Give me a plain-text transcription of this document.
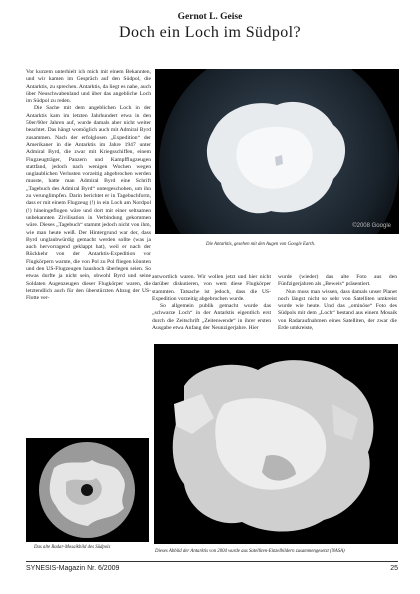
Gernot L. Geise
Doch ein Loch im Südpol?

Vor kurzem unterhielt ich mich mit einem Bekannten, und wir kamen im Gespräch auf den Südpol, die Antarktis, zu sprechen. Antarktis, da liegt es nahe, auch über Neuschwabenland und über das angebliche Loch im Südpol zu reden.

Die Sache mit dem angeblichen Loch in der Antarktis kam im letzten Jahrhundert etwa in den 50er/60er Jahren auf, wurde damals aber nicht weiter beachtet. Das hängt womöglich auch mit Admiral Byrd zusammen. Nach der erfolglosen „Expedition“ der Amerikaner in die Antarktis im Jahre 1947 unter Admiral Byrd, die zwar mit Kriegsschiffen, einem Flugzeugträger, Panzern und Kampfflugzeugen stattfand, jedoch nach wenigen Wochen wegen unglaublichen Verlusten vorzeitig abgebrochen werden musste, hatte man Admiral Byrd eine Schrift „Tagebuch des Admiral Byrd“ untergeschoben, um ihn zu verunglimpfen. Darin berichtet er in Tagebuchform, dass er mit einem Flugzeug (!) in ein Loch am Nordpol (!) hineingeflogen wäre und dort mit einer seltsamen unbekannten Zivilisation in Verbindung gekommen wäre. Dieses „Tagebuch“ stammt jedoch nicht von ihm, wie man heute weiß. Der Hintergrund war der, dass Byrd unglaubwürdig gemacht werden sollte (was ja auch hervorragend geklappt hat), weil er nach der Rückkehr von der Antarktis-Expedition vor Flugkörpern warnte, die von Pol zu Pol fliegen könnten und den US-Flugzeugen haushoch überlegen seien. So etwas durfte ja nicht sein, obwohl Byrd und seine Soldaten Augenzeugen dieser Flugkörper waren, die letztendlich auch für den überstürzten Abzug der US-Flotte ver-

©2008 Google
Die Antarktis, gesehen mit den Augen von Google Earth.

antwortlich waren. Wir wollen jetzt und hier nicht darüber diskutieren, von wem diese Flugkörper stammten. Tatsache ist jedoch, dass die US-Expedition vorzeitig abgebrochen wurde.

So allgemein publik gemacht wurde das „schwarze Loch“ in der Antarktis eigentlich erst durch die Zeitschrift „Zeitenwende“ in ihrer ersten Ausgabe etwa Anfang der Neunzigerjahre. Hier

wurde (wieder) das alte Foto aus den Fünfzigerjahren als „Beweis“ präsentiert.

Nun muss man wissen, dass damals unser Planet noch längst nicht so sehr von Satelliten umkreist wurde wie heute. Und das „ominöse“ Foto des Südpols mit dem „Loch“ bestand aus einem Mosaik von Radaraufnahmen eines Satelliten, der zwar die Erde umkreiste,

Das alte Radar-Mosaikbild des Südpols
Dieses Abbild der Antarktis von 2004 wurde aus Satelliten-Einzelbildern zusammengesetzt (NASA)
SYNESIS-Magazin Nr. 6/2009	25
